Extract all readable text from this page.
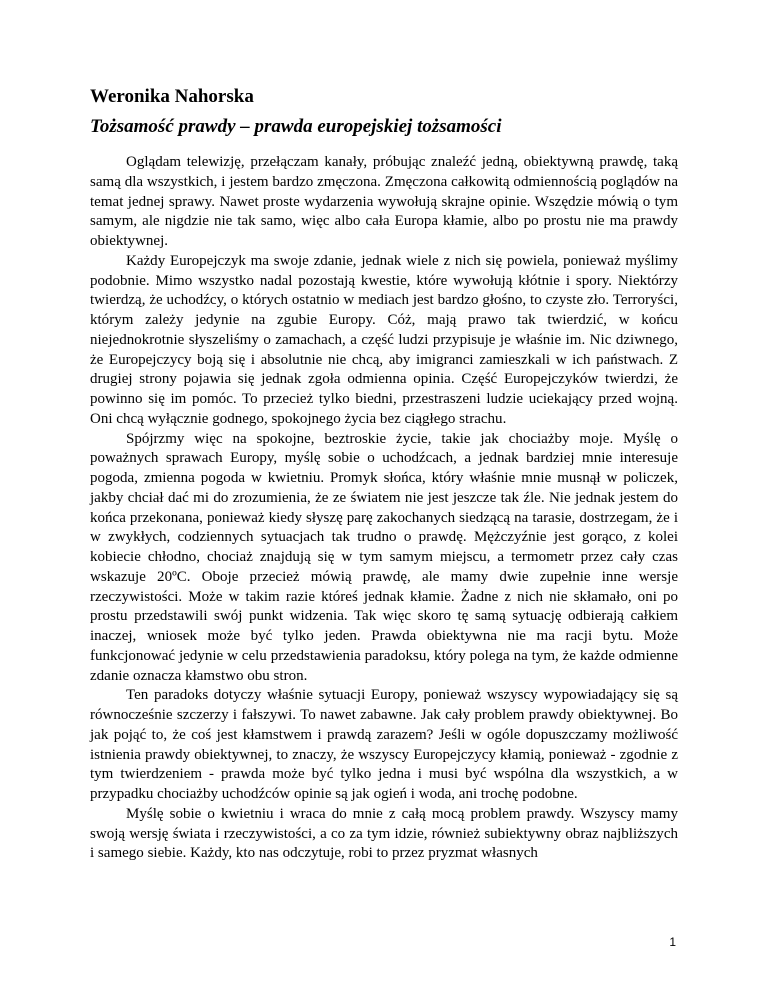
Weronika Nahorska
Tożsamość prawdy – prawda europejskiej tożsamości

Oglądam telewizję, przełączam kanały, próbując znaleźć jedną, obiektywną prawdę, taką samą dla wszystkich, i jestem bardzo zmęczona. Zmęczona całkowitą odmiennością poglądów na temat jednej sprawy. Nawet proste wydarzenia wywołują skrajne opinie. Wszędzie mówią o tym samym, ale nigdzie nie tak samo, więc albo cała Europa kłamie, albo po prostu nie ma prawdy obiektywnej.

Każdy Europejczyk ma swoje zdanie, jednak wiele z nich się powiela, ponieważ myślimy podobnie. Mimo wszystko nadal pozostają kwestie, które wywołują kłótnie i spory. Niektórzy twierdzą, że uchodźcy, o których ostatnio w mediach jest bardzo głośno, to czyste zło. Terroryści, którym zależy jedynie na zgubie Europy. Cóż, mają prawo tak twierdzić, w końcu niejednokrotnie słyszeliśmy o zamachach, a część ludzi przypisuje je właśnie im. Nic dziwnego, że Europejczycy boją się i absolutnie nie chcą, aby imigranci zamieszkali w ich państwach. Z drugiej strony pojawia się jednak zgoła odmienna opinia. Część Europejczyków twierdzi, że powinno się im pomóc. To przecież tylko biedni, przestraszeni ludzie uciekający przed wojną. Oni chcą wyłącznie godnego, spokojnego życia bez ciągłego strachu.

Spójrzmy więc na spokojne, beztroskie życie, takie jak chociażby moje. Myślę o poważnych sprawach Europy, myślę sobie o uchodźcach, a jednak bardziej mnie interesuje pogoda, zmienna pogoda w kwietniu. Promyk słońca, który właśnie mnie musnął w policzek, jakby chciał dać mi do zrozumienia, że ze światem nie jest jeszcze tak źle. Nie jednak jestem do końca przekonana, ponieważ kiedy słyszę parę zakochanych siedzącą na tarasie, dostrzegam, że i w zwykłych, codziennych sytuacjach tak trudno o prawdę. Mężczyźnie jest gorąco, z kolei kobiecie chłodno, chociaż znajdują się w tym samym miejscu, a termometr przez cały czas wskazuje 20ºC. Oboje przecież mówią prawdę, ale mamy dwie zupełnie inne wersje rzeczywistości. Może w takim razie któreś jednak kłamie. Żadne z nich nie skłamało, oni po prostu przedstawili swój punkt widzenia. Tak więc skoro tę samą sytuację odbierają całkiem inaczej, wniosek może być tylko jeden. Prawda obiektywna nie ma racji bytu. Może funkcjonować jedynie w celu przedstawienia paradoksu, który polega na tym, że każde odmienne zdanie oznacza kłamstwo obu stron.

Ten paradoks dotyczy właśnie sytuacji Europy, ponieważ wszyscy wypowiadający się są równocześnie szczerzy i fałszywi. To nawet zabawne. Jak cały problem prawdy obiektywnej. Bo jak pojąć to, że coś jest kłamstwem i prawdą zarazem? Jeśli w ogóle dopuszczamy możliwość istnienia prawdy obiektywnej, to znaczy, że wszyscy Europejczycy kłamią, ponieważ - zgodnie z tym twierdzeniem - prawda może być tylko jedna i musi być wspólna dla wszystkich, a w przypadku chociażby uchodźców opinie są jak ogień i woda, ani trochę podobne.

Myślę sobie o kwietniu i wraca do mnie z całą mocą problem prawdy. Wszyscy mamy swoją wersję świata i rzeczywistości, a co za tym idzie, również subiektywny obraz najbliższych i samego siebie. Każdy, kto nas odczytuje, robi to przez pryzmat własnych

1
